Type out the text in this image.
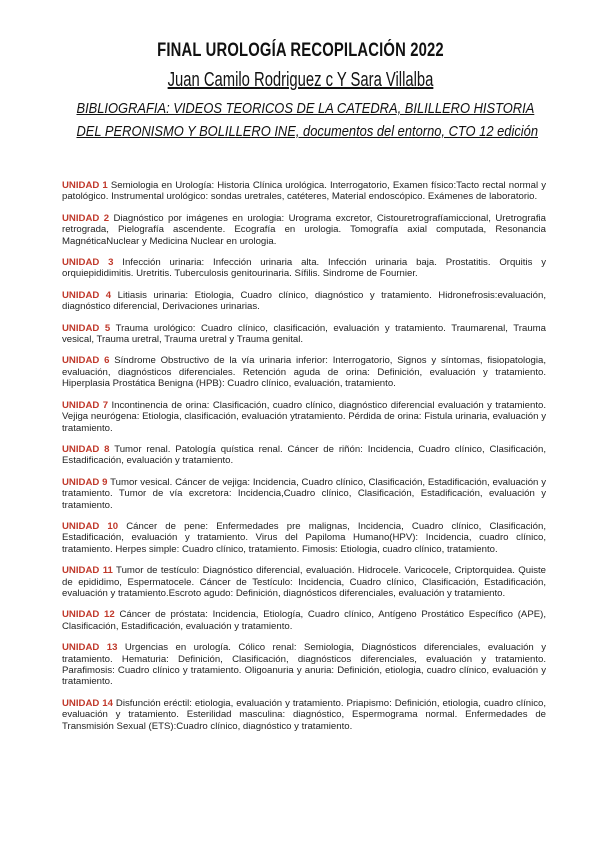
FINAL UROLOGÍA RECOPILACIÓN 2022
Juan Camilo Rodriguez c Y Sara Villalba
BIBLIOGRAFIA: VIDEOS TEORICOS DE LA CATEDRA, BILILLERO HISTORIA
DEL PERONISMO Y BOLILLERO INE, documentos del entorno, CTO 12 edición

UNIDAD 1 Semiologia en Urología: Historia Clínica urológica. Interrogatorio, Examen físico:Tacto rectal normal y patológico. Instrumental urológico: sondas uretrales, catéteres, Material endoscópico. Exámenes de laboratorio.

UNIDAD 2 Diagnóstico por imágenes en urologia: Urograma excretor, Cistouretrografíamiccional, Uretrografia retrograda, Pielografía ascendente. Ecografía en urologia. Tomografía axial computada, Resonancia MagnéticaNuclear y Medicina Nuclear en urologia.

UNIDAD 3 Infección urinaria: Infección urinaria alta. Infección urinaria baja. Prostatitis. Orquitis y orquiepididimitis. Uretritis. Tuberculosis genitourinaria. Sífilis. Sindrome de Fournier.

UNIDAD 4 Litiasis urinaria: Etiologia, Cuadro clínico, diagnóstico y tratamiento. Hidronefrosis:evaluación, diagnóstico diferencial, Derivaciones urinarias.

UNIDAD 5 Trauma urológico: Cuadro clínico, clasificación, evaluación y tratamiento. Traumarenal, Trauma vesical, Trauma uretral, Trauma uretral y Trauma genital.

UNIDAD 6 Síndrome Obstructivo de la vía urinaria inferior: Interrogatorio, Signos y síntomas, fisiopatologia, evaluación, diagnósticos diferenciales. Retención aguda de orina: Definición, evaluación y tratamiento. Hiperplasia Prostática Benigna (HPB): Cuadro clínico, evaluación, tratamiento.

UNIDAD 7 Incontinencia de orina: Clasificación, cuadro clínico, diagnóstico diferencial evaluación y tratamiento. Vejiga neurógena: Etiologia, clasificación, evaluación ytratamiento. Pérdida de orina: Fistula urinaria, evaluación y tratamiento.

UNIDAD 8 Tumor renal. Patología quística renal. Cáncer de riñón: Incidencia, Cuadro clínico, Clasificación, Estadificación, evaluación y tratamiento.

UNIDAD 9 Tumor vesical. Cáncer de vejiga: Incidencia, Cuadro clínico, Clasificación, Estadificación, evaluación y tratamiento. Tumor de vía excretora: Incidencia,Cuadro clínico, Clasificación, Estadificación, evaluación y tratamiento.

UNIDAD 10 Cáncer de pene: Enfermedades pre malignas, Incidencia, Cuadro clínico, Clasificación, Estadificación, evaluación y tratamiento. Virus del Papiloma Humano(HPV): Incidencia, cuadro clínico, tratamiento. Herpes simple: Cuadro clínico, tratamiento. Fimosis: Etiologia, cuadro clínico, tratamiento.

UNIDAD 11 Tumor de testículo: Diagnóstico diferencial, evaluación. Hidrocele. Varicocele, Criptorquidea. Quiste de epididimo, Espermatocele. Cáncer de Testículo: Incidencia, Cuadro clínico, Clasificación, Estadificación, evaluación y tratamiento.Escroto agudo: Definición, diagnósticos diferenciales, evaluación y tratamiento.

UNIDAD 12 Cáncer de próstata: Incidencia, Etiología, Cuadro clínico, Antígeno Prostático Específico (APE), Clasificación, Estadificación, evaluación y tratamiento.

UNIDAD 13 Urgencias en urología. Cólico renal: Semiologia, Diagnósticos diferenciales, evaluación y tratamiento. Hematuria: Definición, Clasificación, diagnósticos diferenciales, evaluación y tratamiento. Parafimosis: Cuadro clínico y tratamiento. Oligoanuria y anuria: Definición, etiologia, cuadro clínico, evaluación y tratamiento.

UNIDAD 14 Disfunción eréctil: etiologia, evaluación y tratamiento. Priapismo: Definición, etiologia, cuadro clínico, evaluación y tratamiento. Esterilidad masculina: diagnóstico, Espermograma normal. Enfermedades de Transmisión Sexual (ETS):Cuadro clínico, diagnóstico y tratamiento.
